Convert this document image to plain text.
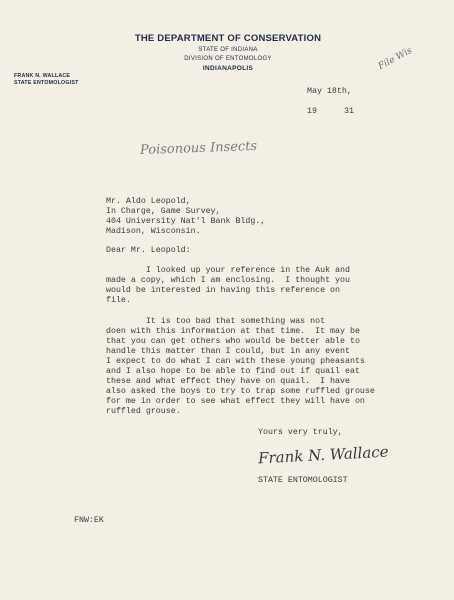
THE DEPARTMENT OF CONSERVATION
STATE OF INDIANA
DIVISION OF ENTOMOLOGY
INDIANAPOLIS
FRANK N. WALLACE
STATE ENTOMOLOGIST
File Wis
May 18th,
19	31
Poisonous Insects
Mr. Aldo Leopold,
In Charge, Game Survey,
404 University Nat'l Bank Bldg.,
Madison, Wisconsin.
Dear Mr. Leopold:
I looked up your reference in the Auk and
made a copy, which I am enclosing.  I thought you
would be interested in having this reference on
file.
It is too bad that something was not
doen with this information at that time.  It may be
that you can get others who would be better able to
handle this matter than I could, but in any event
I expect to do what I can with these young pheasants
and I also hope to be able to find out if quail eat
these and what effect they have on quail.  I have
also asked the boys to try to trap some ruffled grouse
for me in order to see what effect they will have on
ruffled grouse.
Yours very truly,
Frank N. Wallace
STATE ENTOMOLOGIST
FNW:EK
